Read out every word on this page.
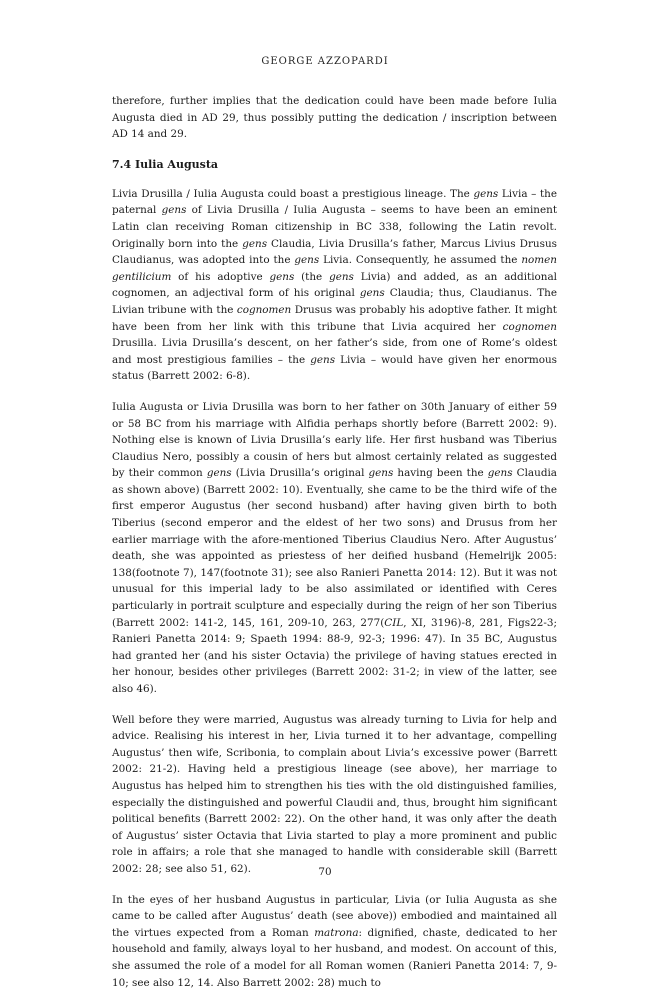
GEORGE AZZOPARDI

therefore, further implies that the dedication could have been made before Iulia Augusta died in AD 29, thus possibly putting the dedication / inscription between AD 14 and 29.

7.4 Iulia Augusta

Livia Drusilla / Iulia Augusta could boast a prestigious lineage. The gens Livia – the paternal gens of Livia Drusilla / Iulia Augusta – seems to have been an eminent Latin clan receiving Roman citizenship in BC 338, following the Latin revolt. Originally born into the gens Claudia, Livia Drusilla’s father, Marcus Livius Drusus Claudianus, was adopted into the gens Livia. Consequently, he assumed the nomen gentilicium of his adoptive gens (the gens Livia) and added, as an additional cognomen, an adjectival form of his original gens Claudia; thus, Claudianus. The Livian tribune with the cognomen Drusus was probably his adoptive father. It might have been from her link with this tribune that Livia acquired her cognomen Drusilla. Livia Drusilla’s descent, on her father’s side, from one of Rome’s oldest and most prestigious families – the gens Livia – would have given her enormous status (Barrett 2002: 6-8).

Iulia Augusta or Livia Drusilla was born to her father on 30th January of either 59 or 58 BC from his marriage with Alfidia perhaps shortly before (Barrett 2002: 9). Nothing else is known of Livia Drusilla’s early life. Her first husband was Tiberius Claudius Nero, possibly a cousin of hers but almost certainly related as suggested by their common gens (Livia Drusilla’s original gens having been the gens Claudia as shown above) (Barrett 2002: 10). Eventually, she came to be the third wife of the first emperor Augustus (her second husband) after having given birth to both Tiberius (second emperor and the eldest of her two sons) and Drusus from her earlier marriage with the afore-mentioned Tiberius Claudius Nero. After Augustus’ death, she was appointed as priestess of her deified husband (Hemelrijk 2005: 138(footnote 7), 147(footnote 31); see also Ranieri Panetta 2014: 12). But it was not unusual for this imperial lady to be also assimilated or identified with Ceres particularly in portrait sculpture and especially during the reign of her son Tiberius (Barrett 2002: 141-2, 145, 161, 209-10, 263, 277(CIL, XI, 3196)-8, 281, Figs22-3; Ranieri Panetta 2014: 9; Spaeth 1994: 88-9, 92-3; 1996: 47). In 35 BC, Augustus had granted her (and his sister Octavia) the privilege of having statues erected in her honour, besides other privileges (Barrett 2002: 31-2; in view of the latter, see also 46).

Well before they were married, Augustus was already turning to Livia for help and advice. Realising his interest in her, Livia turned it to her advantage, compelling Augustus’ then wife, Scribonia, to complain about Livia’s excessive power (Barrett 2002: 21-2). Having held a prestigious lineage (see above), her marriage to Augustus has helped him to strengthen his ties with the old distinguished families, especially the distinguished and powerful Claudii and, thus, brought him significant political benefits (Barrett 2002: 22). On the other hand, it was only after the death of Augustus’ sister Octavia that Livia started to play a more prominent and public role in affairs; a role that she managed to handle with considerable skill (Barrett 2002: 28; see also 51, 62).

In the eyes of her husband Augustus in particular, Livia (or Iulia Augusta as she came to be called after Augustus’ death (see above)) embodied and maintained all the virtues expected from a Roman matrona: dignified, chaste, dedicated to her household and family, always loyal to her husband, and modest. On account of this, she assumed the role of a model for all Roman women (Ranieri Panetta 2014: 7, 9-10; see also 12, 14. Also Barrett 2002: 28) much to

70
